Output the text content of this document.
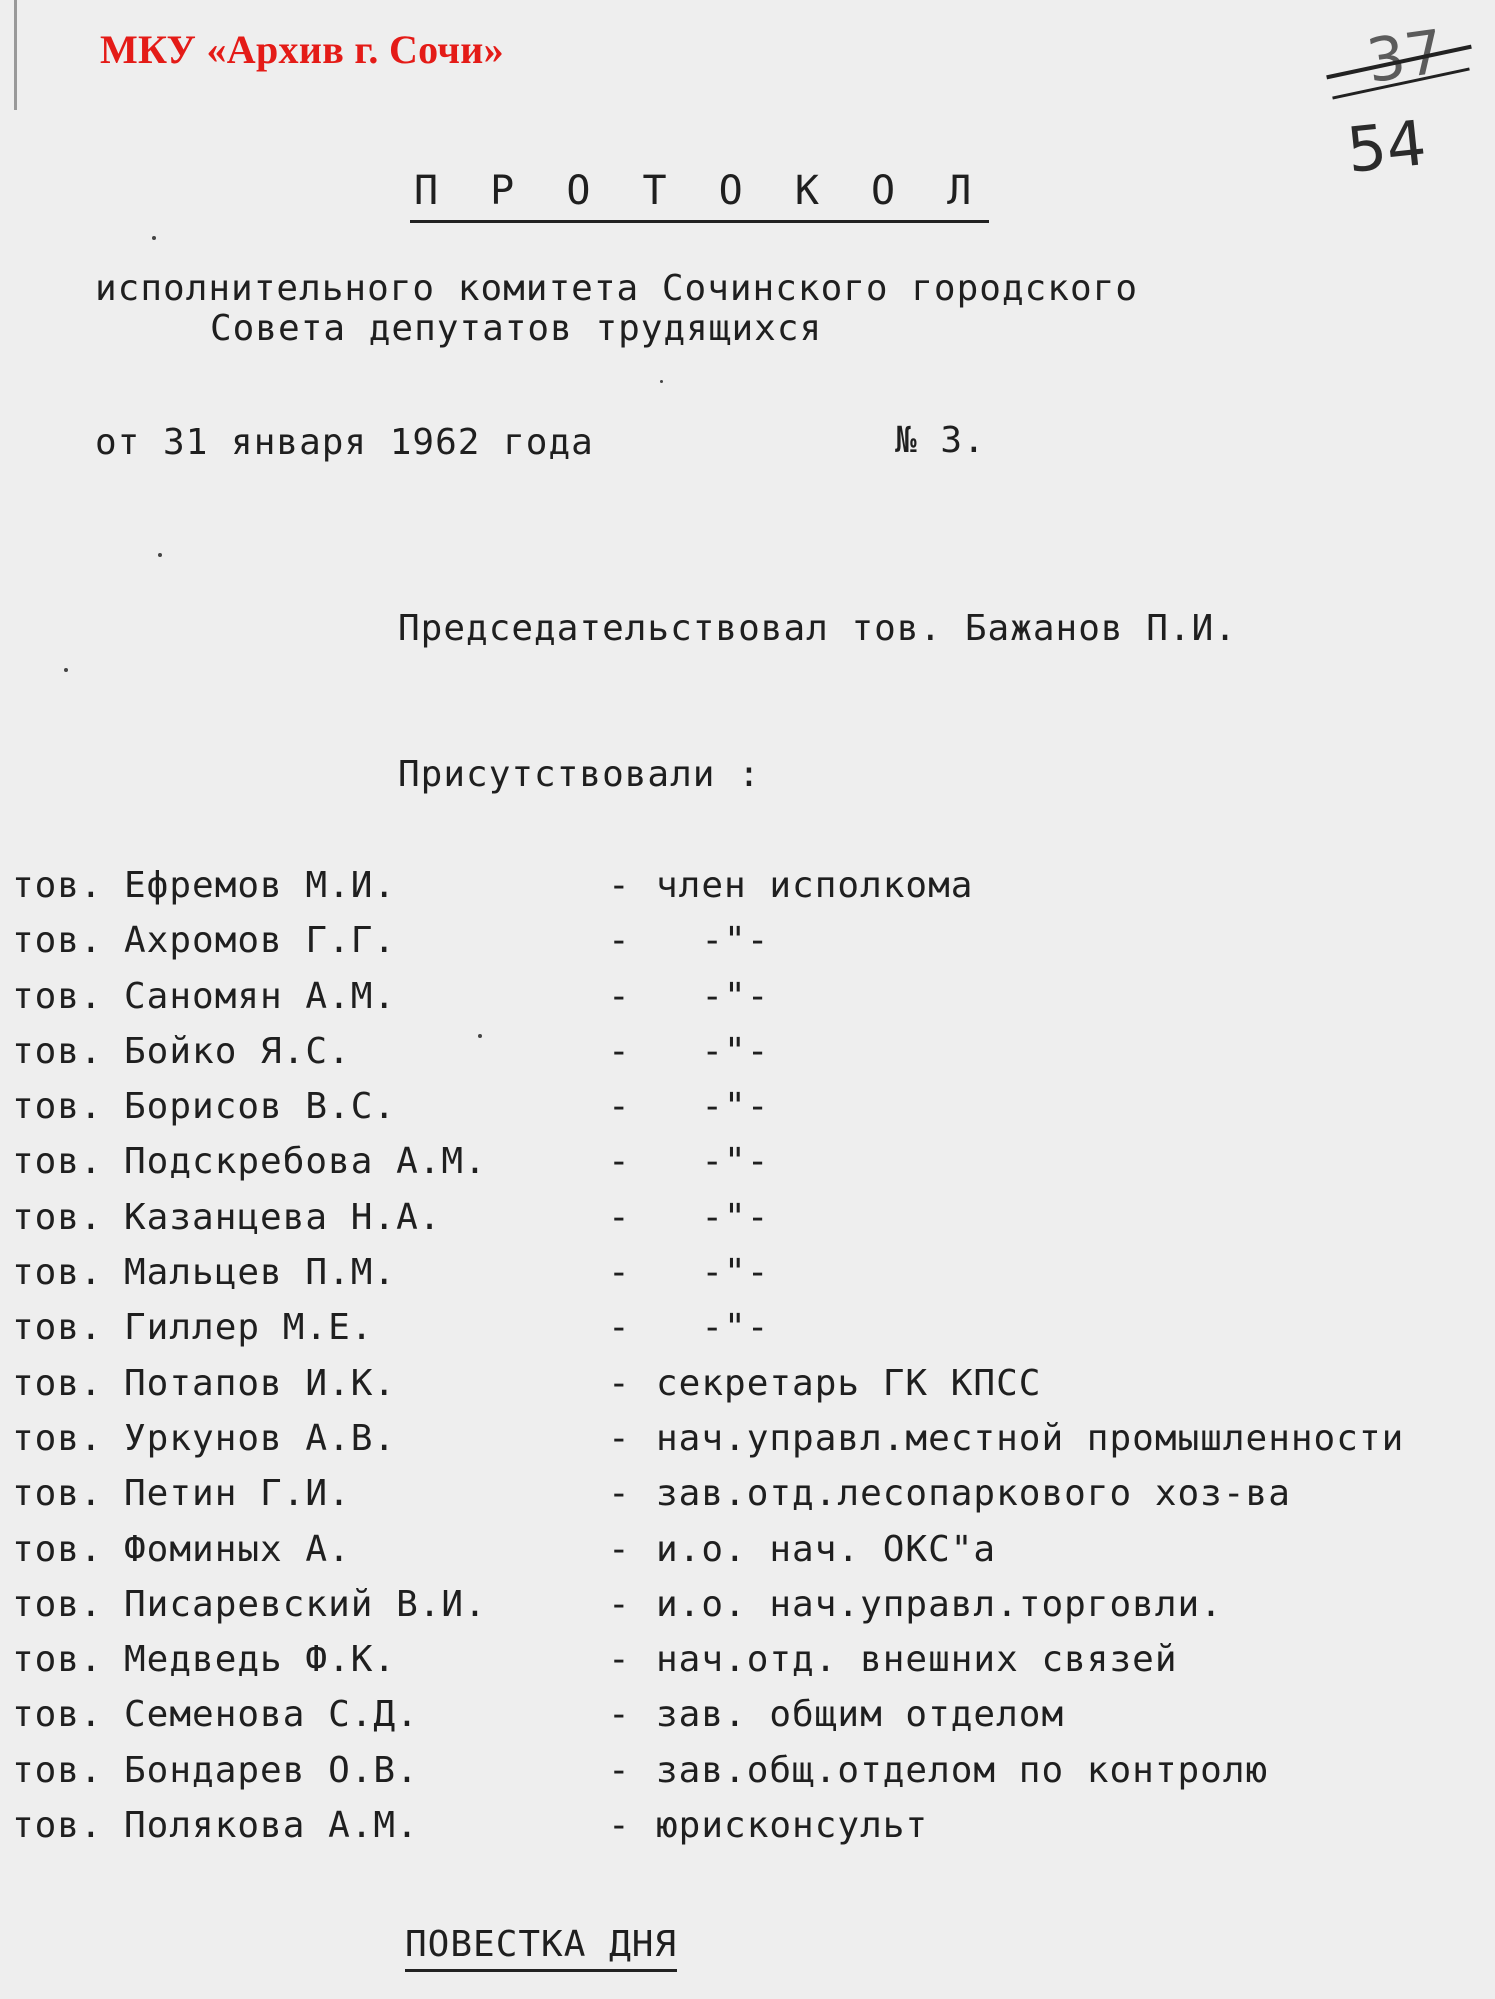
МКУ «Архив г. Сочи»	37
54
П Р О Т О К О Л
исполнительного комитета Сочинского городского
Совета депутатов трудящихся
от 31 января 1962 года	№ 3.
Председательствовал тов. Бажанов П.И.
Присутствовали :
тов. Ефремов М.И.	- член исполкома
тов. Ахромов Г.Г.	- -"-
тов. Саномян А.М.	- -"-
тов. Бойко Я.С.	- -"-
тов. Борисов В.С.	- -"-
тов. Подскребова А.М.	- -"-
тов. Казанцева Н.А.	- -"-
тов. Мальцев П.М.	- -"-
тов. Гиллер М.Е.	- -"-
тов. Потапов И.К.	- секретарь ГК КПСС
тов. Уркунов А.В.	- нач.управл.местной промышленности
тов. Петин Г.И.	- зав.отд.лесопаркового хоз-ва
тов. Фоминых А.	- и.о. нач. ОКС"а
тов. Писаревский В.И.	- и.о. нач.управл.торговли.
тов. Медведь Ф.К.	- нач.отд. внешних связей
тов. Семенова С.Д.	- зав. общим отделом
тов. Бондарев О.В.	- зав.общ.отделом по контролю
тов. Полякова А.М.	- юрисконсульт
ПОВЕСТКА ДНЯ
